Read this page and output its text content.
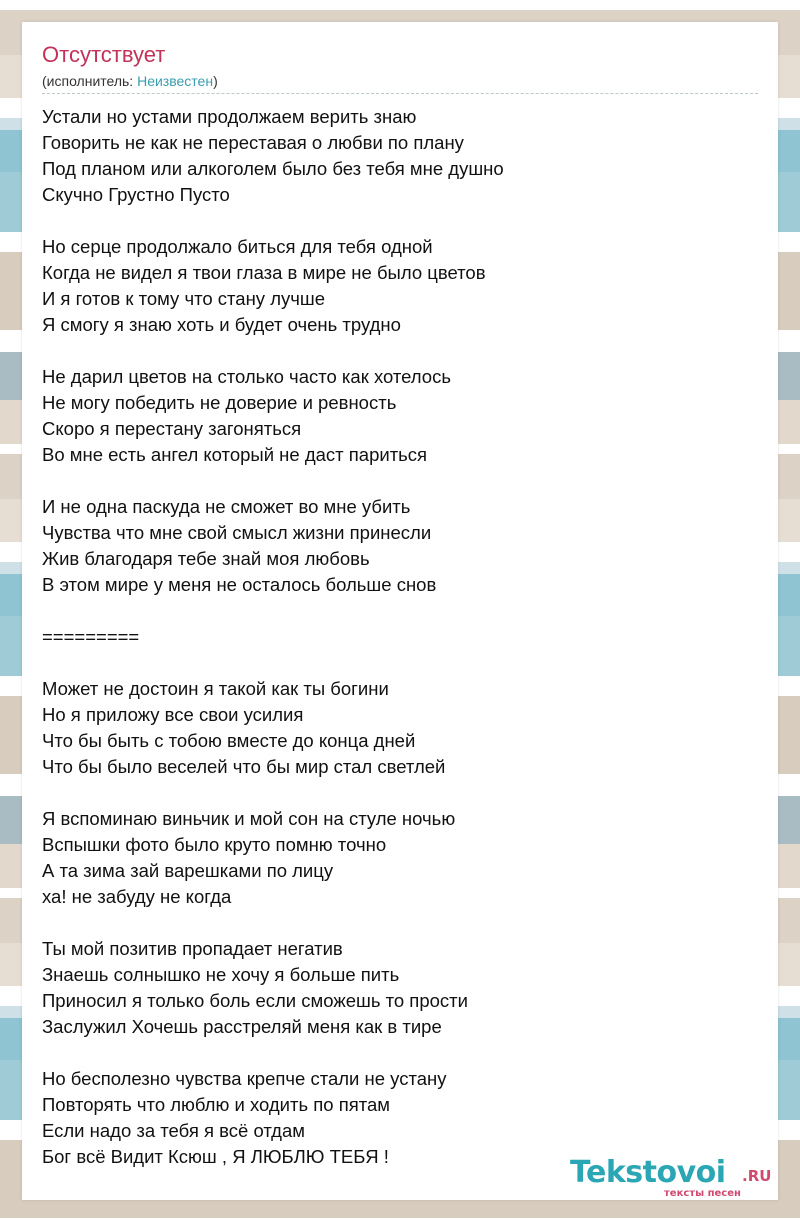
Отсутствует
(исполнитель: Неизвестен)
Устали но устами продолжаем верить знаю
Говорить не как не переставая о любви по плану
Под планом или алкоголем было без тебя мне душно
Скучно Грустно Пусто
Но серце продолжало биться для тебя одной
Когда не видел я твои глаза в мире не было цветов
И я готов к тому что стану лучше
Я смогу я знаю хоть и будет очень трудно
Не дарил цветов на столько часто как хотелось
Не могу победить не доверие и ревность
Скоро я перестану загоняться
Во мне есть ангел который не даст париться
И не одна паскуда не сможет во мне убить
Чувства что мне свой смысл жизни принесли
Жив благодаря тебе знай моя любовь
В этом мире у меня не осталось больше снов
=========
Может не достоин я такой как ты богини
Но я приложу все свои усилия
Что бы быть с тобою вместе до конца дней
Что бы было веселей что бы мир стал светлей
Я вспоминаю виньчик и мой сон на стуле ночью
Вспышки фото было круто помню точно
А та зима зай варешками по лицу
ха! не забуду не когда
Ты мой позитив пропадает негатив
Знаешь солнышко не хочу я больше пить
Приносил я только боль если сможешь то прости
Заслужил Хочешь расстреляй меня как в тире
Но бесполезно чувства крепче стали не устану
Повторять что люблю и ходить по пятам
Если надо за тебя я всё отдам
Бог всё Видит Ксюш , Я ЛЮБЛЮ ТЕБЯ !	Tekstovoi .RU
тексты песен
